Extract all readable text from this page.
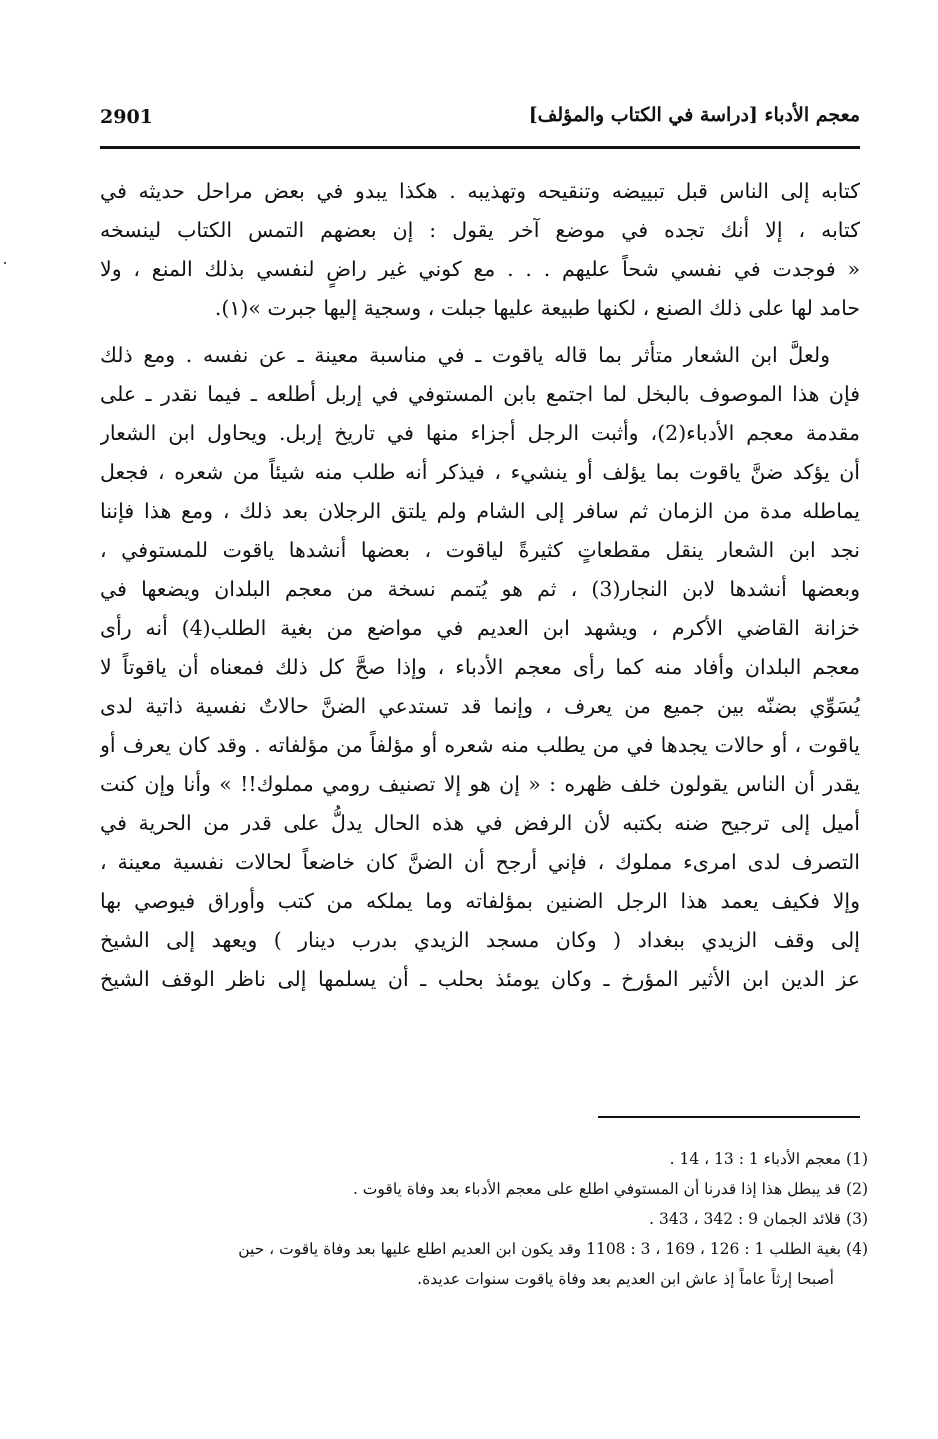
معجم الأدباء [دراسة في الكتاب والمؤلف]
2901
كتابه إلى الناس قبل تبييضه وتنقيحه وتهذيبه . هكذا يبدو في بعض مراحل حديثه في
كتابه ، إلا أنك تجده في موضع آخر يقول : إن بعضهم التمس الكتاب لينسخه
« فوجدت في نفسي شحاً عليهم . . . مع كوني غير راضٍ لنفسي بذلك المنع ، ولا
حامد لها على ذلك الصنع ، لكنها طبيعة عليها جبلت ، وسجية إليها جبرت »(١).
ولعلَّ ابن الشعار متأثر بما قاله ياقوت ـ في مناسبة معينة ـ عن نفسه . ومع ذلك
فإن هذا الموصوف بالبخل لما اجتمع بابن المستوفي في إربل أطلعه ـ فيما نقدر ـ على
مقدمة معجم الأدباء(2)، وأثبت الرجل أجزاء منها في تاريخ إربل. ويحاول ابن الشعار
أن يؤكد ضنَّ ياقوت بما يؤلف أو ينشيء ، فيذكر أنه طلب منه شيئاً من شعره ، فجعل
يماطله مدة من الزمان ثم سافر إلى الشام ولم يلتق الرجلان بعد ذلك ، ومع هذا فإننا
نجد ابن الشعار ينقل مقطعاتٍ كثيرةً لياقوت ، بعضها أنشدها ياقوت للمستوفي ،
وبعضها أنشدها لابن النجار(3) ، ثم هو يُتمم نسخة من معجم البلدان ويضعها في
خزانة القاضي الأكرم ، ويشهد ابن العديم في مواضع من بغية الطلب(4) أنه رأى
معجم البلدان وأفاد منه كما رأى معجم الأدباء ، وإذا صحَّ كل ذلك فمعناه أن ياقوتاً لا
يُسَوِّي بضنّه بين جميع من يعرف ، وإنما قد تستدعي الضنَّ حالاتٌ نفسية ذاتية لدى
ياقوت ، أو حالات يجدها في من يطلب منه شعره أو مؤلفاً من مؤلفاته . وقد كان يعرف أو
يقدر أن الناس يقولون خلف ظهره : « إن هو إلا تصنيف رومي مملوك!! » وأنا وإن كنت
أميل إلى ترجيح ضنه بكتبه لأن الرفض في هذه الحال يدلُّ على قدر من الحرية في
التصرف لدى امرىء مملوك ، فإني أرجح أن الضنَّ كان خاضعاً لحالات نفسية معينة ،
وإلا فكيف يعمد هذا الرجل الضنين بمؤلفاته وما يملكه من كتب وأوراق فيوصي بها
إلى وقف الزيدي ببغداد ( وكان مسجد الزيدي بدرب دينار ) ويعهد إلى الشيخ
عز الدين ابن الأثير المؤرخ ـ وكان يومئذ بحلب ـ أن يسلمها إلى ناظر الوقف الشيخ
(1) معجم الأدباء 1 : 13 ، 14 .
(2) قد يبطل هذا إذا قدرنا أن المستوفي اطلع على معجم الأدباء بعد وفاة ياقوت .
(3) قلائد الجمان 9 : 342 ، 343 .
(4) بغية الطلب 1 : 126 ، 169 ، 3 : 1108 وقد يكون ابن العديم اطلع عليها بعد وفاة ياقوت ، حين
أصبحا إرثاً عاماً إذ عاش ابن العديم بعد وفاة ياقوت سنوات عديدة.
